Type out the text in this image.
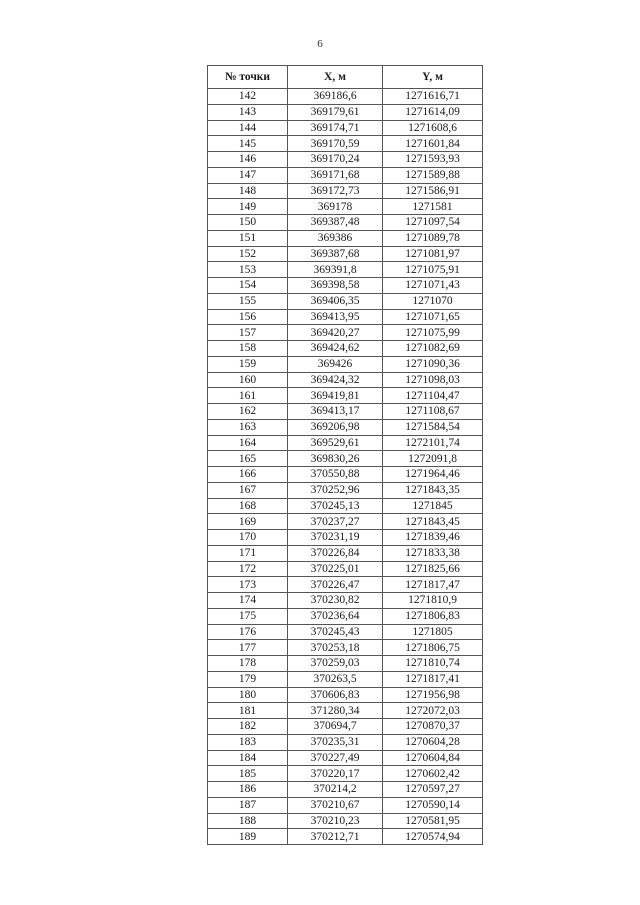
6
№ точки	X, м	Y, м
142	369186,6	1271616,71
143	369179,61	1271614,09
144	369174,71	1271608,6
145	369170,59	1271601,84
146	369170,24	1271593,93
147	369171,68	1271589,88
148	369172,73	1271586,91
149	369178	1271581
150	369387,48	1271097,54
151	369386	1271089,78
152	369387,68	1271081,97
153	369391,8	1271075,91
154	369398,58	1271071,43
155	369406,35	1271070
156	369413,95	1271071,65
157	369420,27	1271075,99
158	369424,62	1271082,69
159	369426	1271090,36
160	369424,32	1271098,03
161	369419,81	1271104,47
162	369413,17	1271108,67
163	369206,98	1271584,54
164	369529,61	1272101,74
165	369830,26	1272091,8
166	370550,88	1271964,46
167	370252,96	1271843,35
168	370245,13	1271845
169	370237,27	1271843,45
170	370231,19	1271839,46
171	370226,84	1271833,38
172	370225,01	1271825,66
173	370226,47	1271817,47
174	370230,82	1271810,9
175	370236,64	1271806,83
176	370245,43	1271805
177	370253,18	1271806,75
178	370259,03	1271810,74
179	370263,5	1271817,41
180	370606,83	1271956,98
181	371280,34	1272072,03
182	370694,7	1270870,37
183	370235,31	1270604,28
184	370227,49	1270604,84
185	370220,17	1270602,42
186	370214,2	1270597,27
187	370210,67	1270590,14
188	370210,23	1270581,95
189	370212,71	1270574,94
